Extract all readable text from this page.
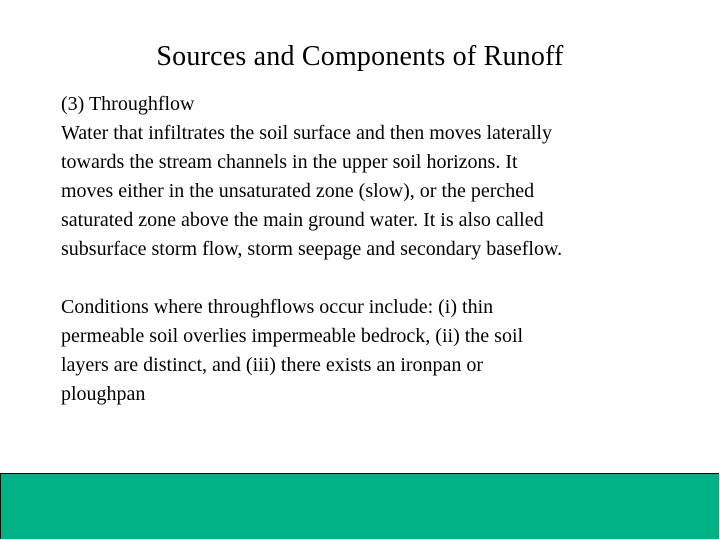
Sources and Components of Runoff

(3) Throughflow

Water that infiltrates the soil surface and then moves laterally

towards the stream channels in the upper soil horizons. It

moves either in the unsaturated zone (slow), or the perched

saturated zone above the main ground water. It is also called

subsurface storm flow, storm seepage and secondary baseflow.

Conditions where throughflows occur include: (i) thin

permeable soil overlies impermeable bedrock, (ii) the soil

layers are distinct, and (iii) there exists an ironpan or

ploughpan
